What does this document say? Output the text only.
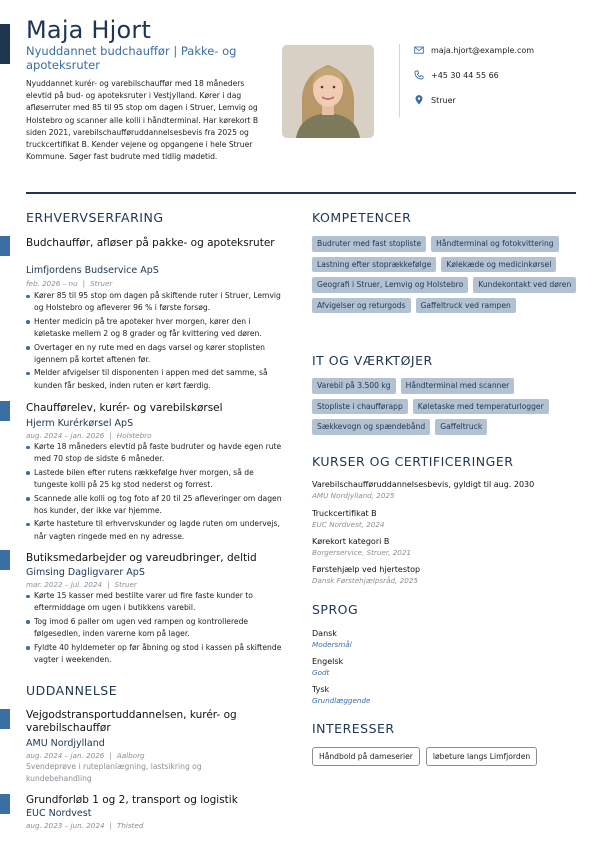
Maja Hjort
Nyuddannet budchauffør | Pakke- og apoteksruter
Nyuddannet kurér- og varebilschauffør med 18 måneders elevtid på bud- og apoteksruter i Vestjylland. Kører i dag afløserruter med 85 til 95 stop om dagen i Struer, Lemvig og Holstebro og scanner alle kolli i håndterminal. Har kørekort B siden 2021, varebilschaufføruddannelsesbevis fra 2025 og truckcertifikat B. Kender vejene og opgangene i hele Struer Kommune. Søger fast budrute med tidlig mødetid.
maja.hjort@example.com
+45 30 44 55 66
Struer
ERHVERVSERFARING
Budchauffør, afløser på pakke- og apoteksruter
Limfjordens Budservice ApS
feb. 2026 – nu | Struer
Kører 85 til 95 stop om dagen på skiftende ruter i Struer, Lemvig og Holstebro og afleverer 96 % i første forsøg.
Henter medicin på tre apoteker hver morgen, kører den i køletaske mellem 2 og 8 grader og får kvittering ved døren.
Overtager en ny rute med en dags varsel og kører stoplisten igennem på kortet aftenen før.
Melder afvigelser til disponenten i appen med det samme, så kunden får besked, inden ruten er kørt færdig.
Chaufførelev, kurér- og varebilskørsel
Hjerm Kurérkørsel ApS
aug. 2024 – jan. 2026 | Holstebro
Kørte 18 måneders elevtid på faste budruter og havde egen rute med 70 stop de sidste 6 måneder.
Lastede bilen efter rutens rækkefølge hver morgen, så de tungeste kolli på 25 kg stod nederst og forrest.
Scannede alle kolli og tog foto af 20 til 25 afleveringer om dagen hos kunder, der ikke var hjemme.
Kørte hasteture til erhvervskunder og lagde ruten om undervejs, når vagten ringede med en ny adresse.
Butiksmedarbejder og vareudbringer, deltid
Gimsing Dagligvarer ApS
mar. 2022 – jul. 2024 | Struer
Kørte 15 kasser med bestilte varer ud fire faste kunder to eftermiddage om ugen i butikkens varebil.
Tog imod 6 paller om ugen ved rampen og kontrollerede følgesedlen, inden varerne kom på lager.
Fyldte 40 hyldemeter op før åbning og stod i kassen på skiftende vagter i weekenden.
UDDANNELSE
Vejgodstransportuddannelsen, kurér- og varebilschauffør
AMU Nordjylland
aug. 2024 – jan. 2026 | Aalborg
Svendeprøve i ruteplanlægning, lastsikring og kundebehandling
Grundforløb 1 og 2, transport og logistik
EUC Nordvest
aug. 2023 – jun. 2024 | Thisted
KOMPETENCER
Budruter med fast stopliste	Håndterminal og fotokvittering
Lastning efter stoprækkefølge	Kølekæde og medicinkørsel
Geografi i Struer, Lemvig og Holstebro	Kundekontakt ved døren
Afvigelser og returgods	Gaffeltruck ved rampen
IT OG VÆRKTØJER
Varebil på 3.500 kg	Håndterminal med scanner
Stopliste i chaufførapp	Køletaske med temperaturlogger
Sækkevogn og spændebånd	Gaffeltruck
KURSER OG CERTIFICERINGER
Varebilschaufføruddannelsesbevis, gyldigt til aug. 2030
AMU Nordjylland, 2025
Truckcertifikat B
EUC Nordvest, 2024
Kørekort kategori B
Borgerservice, Struer, 2021
Førstehjælp ved hjertestop
Dansk Førstehjælpsråd, 2025
SPROG
Dansk
Modersmål
Engelsk
Godt
Tysk
Grundlæggende
INTERESSER
Håndbold på dameserier	løbeture langs Limfjorden
